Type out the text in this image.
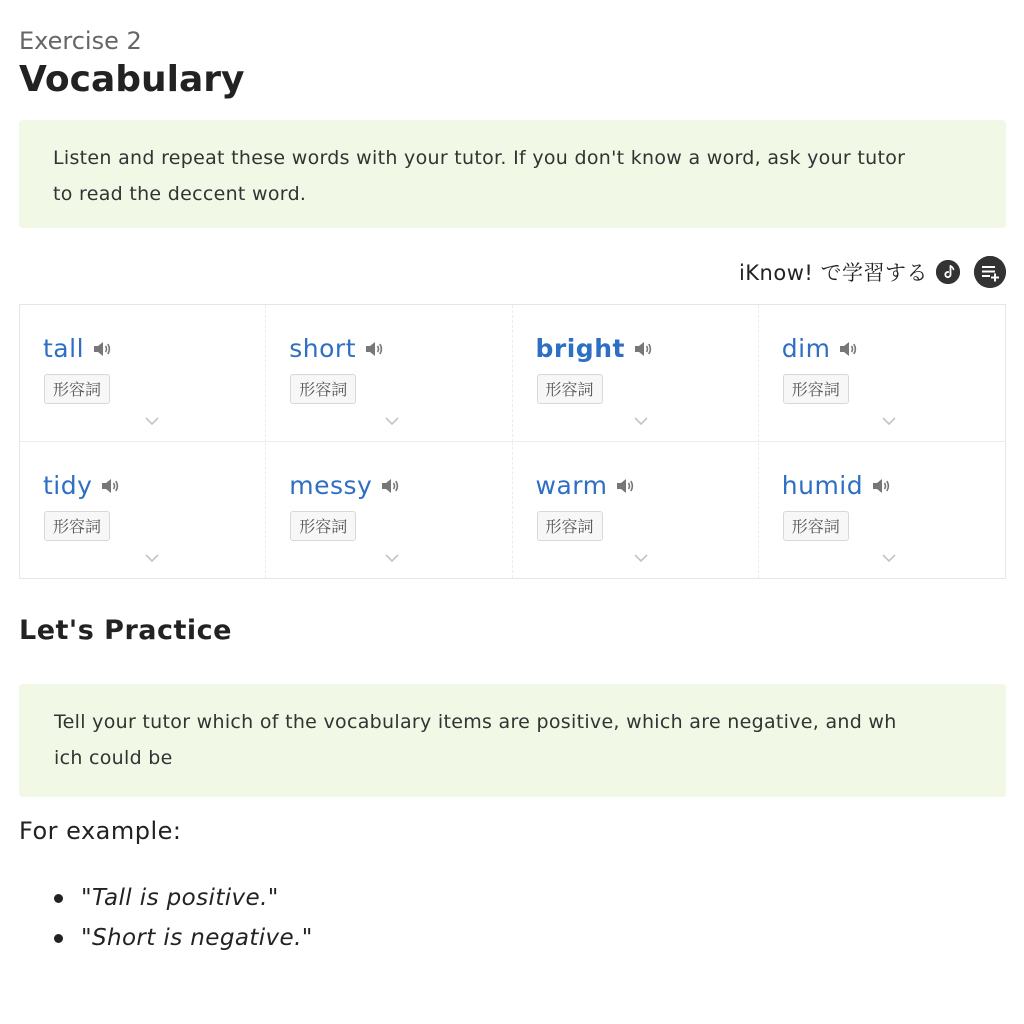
Exercise 2
Vocabulary
Listen and repeat these words with your tutor. If you don't know a word, ask your tutor
to read the deccent word.
iKnow! で学習する
tall
形容詞
short
形容詞
bright
形容詞
dim
形容詞
tidy
形容詞
messy
形容詞
warm
形容詞
humid
形容詞
Let's Practice
Tell your tutor which of the vocabulary items are positive, which are negative, and wh
ich could be
For example:
"Tall is positive."
"Short is negative."
